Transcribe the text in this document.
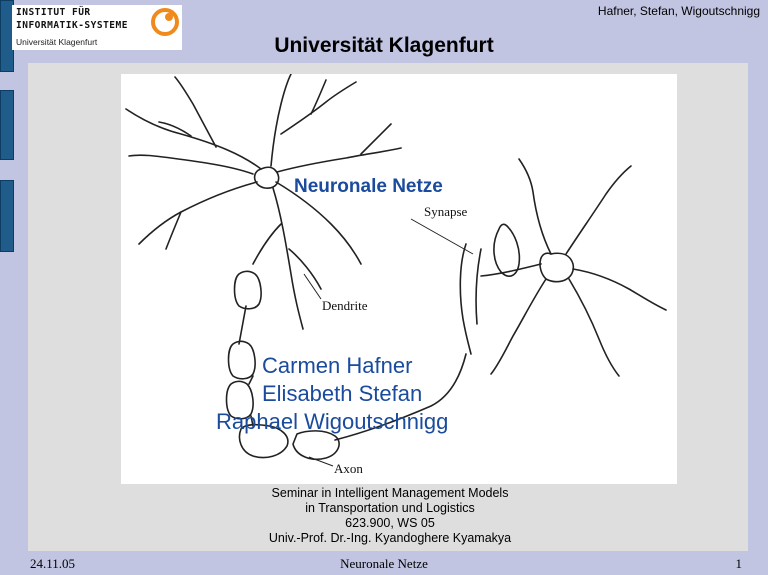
INSTITUT FÜR
INFORMATIK-SYSTEME
Universität Klagenfurt
Hafner, Stefan, Wigoutschnigg
Universität Klagenfurt
Neuronale Netze
Synapse
Dendrite
Axon
Carmen Hafner
Elisabeth Stefan
Raphael Wigoutschnigg
Seminar in Intelligent Management Models
in Transportation und Logistics
623.900, WS 05
Univ.-Prof. Dr.-Ing. Kyandoghere Kyamakya
24.11.05	Neuronale Netze	1
